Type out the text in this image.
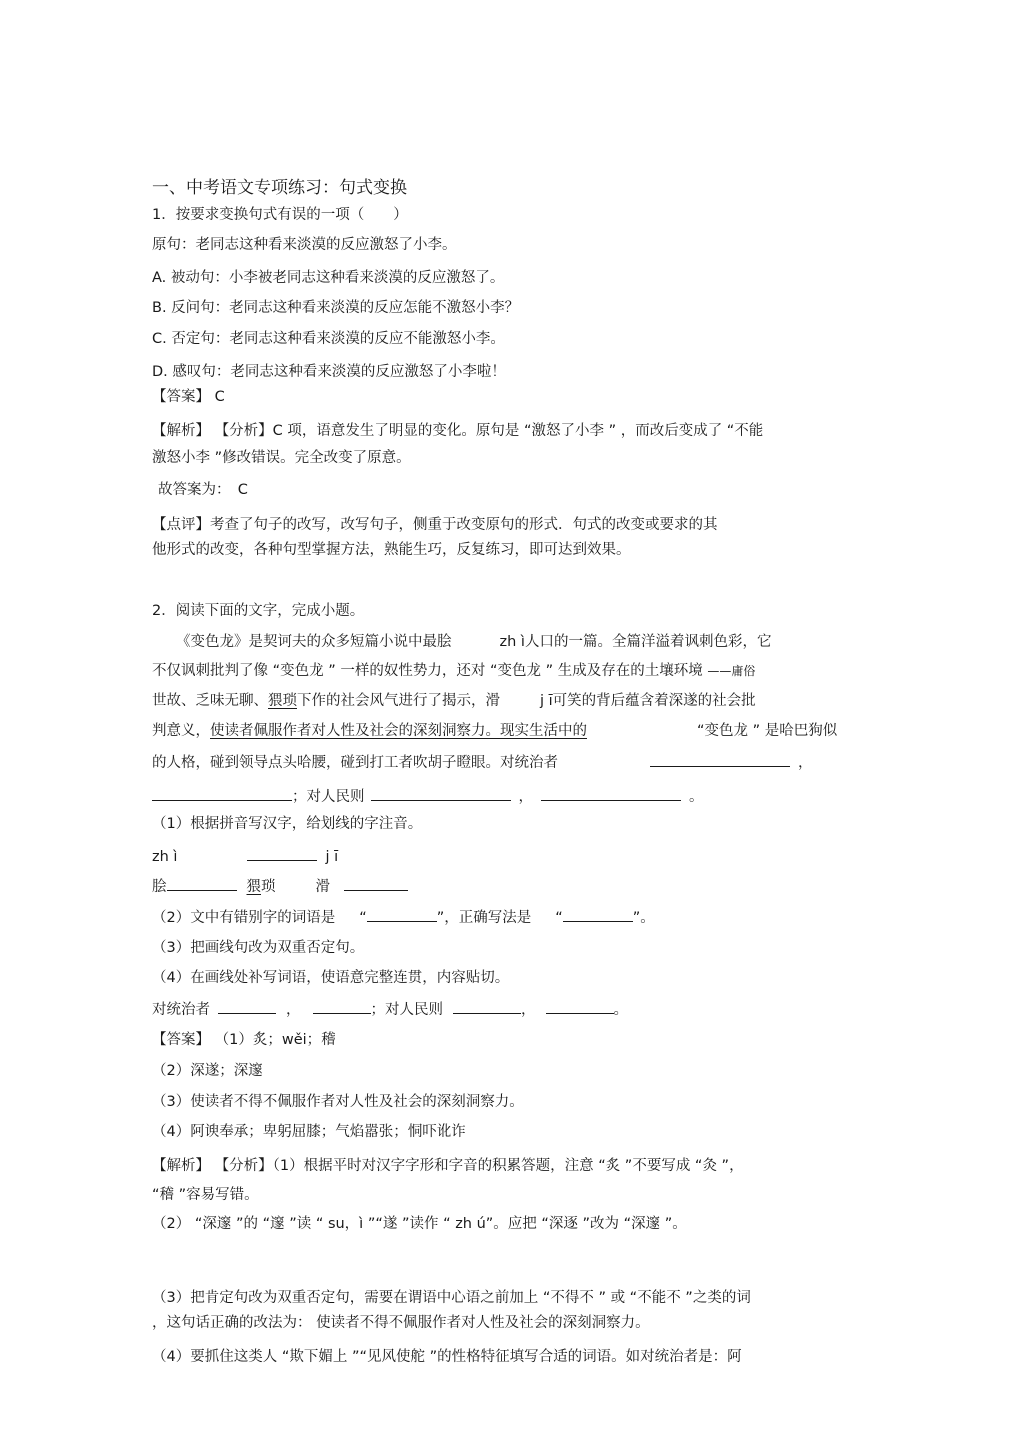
一、中考语文专项练习：句式变换
1．按要求变换句式有误的一项（　　）
原句：老同志这种看来淡漠的反应激怒了小李。
A. 被动句：小李被老同志这种看来淡漠的反应激怒了。
B. 反问句：老同志这种看来淡漠的反应怎能不激怒小李？
C. 否定句：老同志这种看来淡漠的反应不能激怒小李。
D. 感叹句：老同志这种看来淡漠的反应激怒了小李啦！
【答案】 C
【解析】 【分析】C 项，语意发生了明显的变化。原句是 “激怒了小李 ” ，而改后变成了 “不能
激怒小李 ”修改错误。完全改变了原意。
故答案为：　C
【点评】考查了句子的改写，改写句子，侧重于改变原句的形式．句式的改变或要求的其
他形式的改变，各种句型掌握方法，熟能生巧，反复练习，即可达到效果。
2．阅读下面的文字，完成小题。
《变色龙》是契诃夫的众多短篇小说中最脍	zh ì人口的一篇。全篇洋溢着讽刺色彩，它
不仅讽刺批判了像 “变色龙 ” 一样的奴性势力，还对 “变色龙 ” 生成及存在的土壤环境 ——庸俗
世故、乏味无聊、猥琐下作的社会风气进行了揭示，滑	j ī可笑的背后蕴含着深遂的社会批
判意义，使读者佩服作者对人性及社会的深刻洞察力。现实生活中的	“变色龙 ” 是哈巴狗似
的人格，碰到领导点头哈腰，碰到打工者吹胡子瞪眼。对统治者	，
；对人民则	，	。
（1）根据拼音写汉字，给划线的字注音。
zh ì	j ī
脍	猥琐	滑
（2）文中有错别字的词语是 “	”，正确写法是 “	”。
（3）把画线句改为双重否定句。
（4）在画线处补写词语，使语意完整连贯，内容贴切。
对统治者	，	；对人民则	，	。
【答案】 （1）炙；wěi；稽
（2）深遂；深邃
（3）使读者不得不佩服作者对人性及社会的深刻洞察力。
（4）阿谀奉承；卑躬屈膝；气焰嚣张；恫吓讹诈
【解析】 【分析】（1）根据平时对汉字字形和字音的积累答题，注意 “炙 ”不要写成 “灸 ”，
“稽 ”容易写错。
（2） “深邃 ”的 “邃 ”读 “ su，ì ”“遂 ”读作 “ zh ú”。应把 “深逐 ”改为 “深邃 ”。
（3）把肯定句改为双重否定句，需要在谓语中心语之前加上 “不得不 ” 或 “不能不 ”之类的词
，这句话正确的改法为： 使读者不得不佩服作者对人性及社会的深刻洞察力。
（4）要抓住这类人 “欺下媚上 ”“见风使舵 ”的性格特征填写合适的词语。如对统治者是：阿
